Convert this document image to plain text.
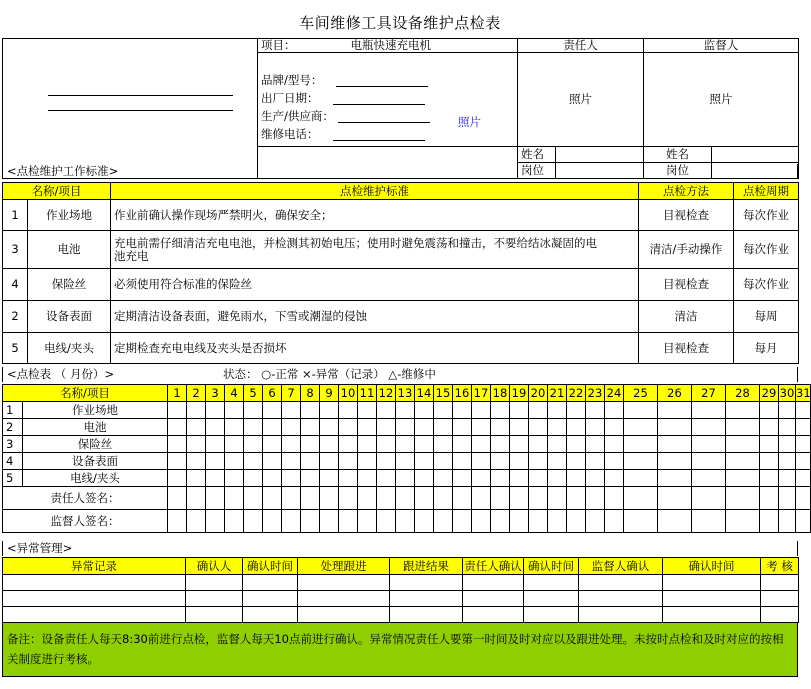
车间维修工具设备维护点检表
	项目：	电瓶快速充电机	责任人		监督人	

	品牌/型号：
出厂日期：
生产/供应商：
维修电话：
照片		照片		照片	
			姓名		姓名	
			岗位		岗位	
<点检维护工作标准>
名称/项目		点检维护标准	点检方法	点检周期
1	作业场地	作业前确认操作现场严禁明火，确保安全；	目视检查	每次作业
3	电池	充电前需仔细清洁充电电池，并检测其初始电压；使用时避免震荡和撞击，不要给结冰凝固的电池充电	清洁/手动操作	每次作业
4	保险丝	必须使用符合标准的保险丝	目视检查	每次作业
2	设备表面	定期清洁设备表面，避免雨水，下雪或潮湿的侵蚀	清洁	每周
5	电线/夹头	定期检查充电电线及夹头是否损坏	目视检查	每月
<点检表 （ 月份）>	状态： ○-正常 ×-异常（记录） △-维修中
名称/项目		1	2	3	4	5	6	7	8	9	10	11	12	13	14	15	16	17	18	19	20	21	22	23	24	25	26	27	28	29	30	31
1	作业场地																															
2	电池																															
3	保险丝																															
4	设备表面																															
5	电线/夹头																															
责任人签名：																																
监督人签名：																																
<异常管理>
异常记录	确认人	确认时间	处理跟进	跟进结果	责任人确认	确认时间	监督人确认	确认时间	考 核

备注：设备责任人每天8:30前进行点检，监督人每天10点前进行确认。异常情况责任人要第一时间及时对应以及跟进处理。未按时点检和及时对应的按相关制度进行考核。
